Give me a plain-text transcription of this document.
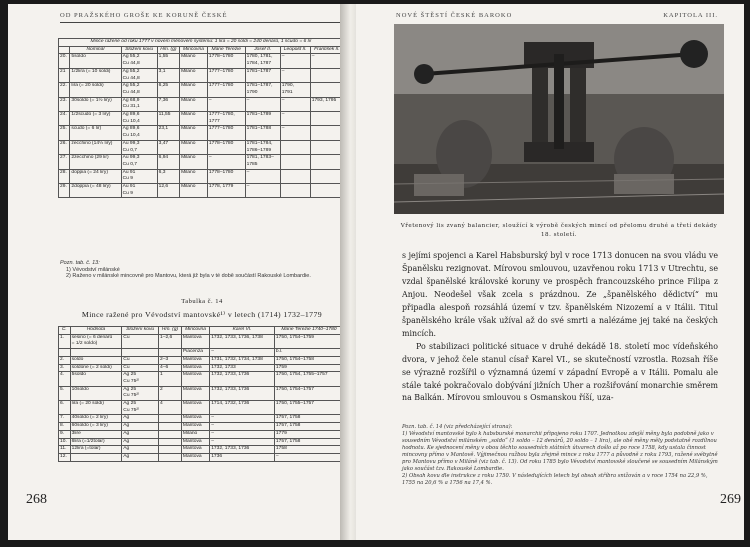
OD PRAŽSKÉHO GROŠE KE KORUNĚ ČESKÉ
Mince ražené od roku 1777 v novém měnovém systému: 1 lira = 20 soldi = 240 denárů, 1 scudo = 6 lir								
	Nominál	Složení kovu	Hm. (g)	Mincovna	Marie Terezie	Josef II.	Leopold II.	František II.
20.	5soldo	Ag 55,2
Cu 44,8	1,55	Milano	1778–1780	1780, 1781,
1784, 1787	–	–
21	1/2lira (= 10 soldi)	Ag 55,2
Cu 44,8	3,1	Milano	1777–1780	1781–1787	–	
22.	lira (= 20 soldi)	Ag 55,2
Cu 44,8	6,25	Milano	1777–1780	1781–1787,
1790	1790,
1791	
23.	30soldo (= 1½ liry)	Ag 68,9
Cu 31,1	7,36	Milano	–	–	–	1793, 1795
24.	1/2scudo (= 3 liry)	Ag 89,6
Cu 10,4	11,55	Milano	1777–1780,
1777	1781–1789	–	
25.	scudo (= 6 lir)	Ag 89,6
Cu 10,4	23,1	Milano	1777–1780	1781–1788	–	
26.	zecchino (14½ liry)	Au 99,3
Cu 0,7	3,47	Milano	1778–1780	1781–1784,
1786–1789		
27.	2zecchino (29 lir)	Au 99,3
Cu 0,7	6,94	Milano	–	1781, 1783–
1785		
28.	doppia (= 24 liry)	Au 91
Cu 9	6,3	Milano	1778–1780	–		
29.	2doppia (= 48 liry)	Au 91
Cu 9	12,6	Milano	1778, 1779	–		
Pozn. tab. č. 13:
1) Vévodství milánské
2) Raženo v milánské mincovně pro Mantovu, která již byla v té době součástí Rakouské Lombardie.
Tabulka č. 14
Mince ražené pro Vévodství mantovské¹⁾ v letech (1714) 1732–1779
Č.	Hodnota	Složení kovu	Hm. (g)	Mincovna	Karel VI.	Marie Terezie 1740–1780
1.	sesino (= 6 denárů
= 1/2 soldo)	Cu	1–2,6	Mantova	1732, 1733, 1736, 1738	1750, 1754–1759
				Piacenza	–	b.l.
2.	soldo	Cu	2–3	Mantova	1731, 1732, 1734, 1738	1750, 1754–1758
3.	soldone (= 2 soldi)	Cu	4–6	Mantova	1732, 1733	1759
4.	5soldo	Ag 25
Cu 75²⁾	1	Mantova	1732, 1733, 1736	1750, 1754, 1755–1757
5.	10soldo	Ag 25
Cu 75²⁾	2	Mantova	1732, 1733, 1736	1750, 1754–1757
6.	lira (= 20 soldi)	Ag 25
Cu 75²⁾	4	Mantova	1714, 1732, 1736	1750, 1755–1757
7.	40soldo (= 2 liry)	Ag		Mantova	–	1757, 1758
8.	60soldo (= 3 liry)	Ag		Mantova	–	1757, 1758
9.	3lire	Ag		Milano	–	1779
10.	6lira (=1/2tolar)	Ag		Mantova	–	1757, 1758
11.	12lira (=tolar)	Ag		Mantova	1732, 1733, 1736	1758
12.		Ag		Mantova	1736	–
268
NOVÉ ŠTĚSTÍ ČESKÉ BAROKO	KAPITOLA III.
Vřetenový lis zvaný balancier, sloužící k výrobě českých mincí od přelomu druhé a třetí dekády 18. století.

s jejími spojenci a Karel Habsburský byl v roce 1713 donucen na svou vládu ve Španělsku rezignovat. Mírovou smlouvou, uzavřenou roku 1713 v Utrechtu, se vzdal španělské královské koruny ve prospěch francouzského prince Filipa z Anjou. Neodešel však zcela s prázdnou. Ze „španělského dědictví“ mu připadla alespoň rozsáhlá území v tzv. španělském Nizozemí a v Itálii. Titul španělského krále však užíval až do své smrti a nalézáme jej také na českých mincích.

Po stabilizaci politické situace v druhé dekádě 18. století moc vídeňského dvora, v jehož čele stanul císař Karel VI., se skutečností vzrostla. Rozsah říše se výrazně rozšířil o významná území v západní Evropě a v Itálii. Pomalu ale stále také pokračovalo dobývání jižních Uher a rozšiřování monarchie směrem na Balkán. Mírovou smlouvou s Osmanskou říší, uza-

Pozn. tab. č. 14 (viz předcházející strana):

1) Vévodství mantovské bylo k habsburské monarchii připojeno roku 1707. Jednotkou zdejší měny byla podobně jako v sousedním Vévodství milánském „soldo“ (1 soldo – 12 denárů, 20 soldo – 1 lira), ale obě měny měly podstatně rozdílnou hodnotu. Ke sjednocení měny v obou těchto sousedních státních útvarech došlo až po roce 1758, kdy ustala činnost mincovny přímo v Mantově. Výjimečnou ražbou byla zřejmě mince z roku 1777 a původně z roku 1793, ražené svébytně pro Mantovu přímo v Miláně (viz tab. č. 13). Od roku 1785 bylo Vévodství mantovské sloučené se sousedním Milánským jako součást tzv. Rakouské Lombardie.

2) Obsah kovu dle instrukce z roku 1750. V následujících letech byl obsah stříbra snižován a v roce 1754 na 22,9 %, 1755 na 20,6 % a 1756 na 17,4 %.

269
